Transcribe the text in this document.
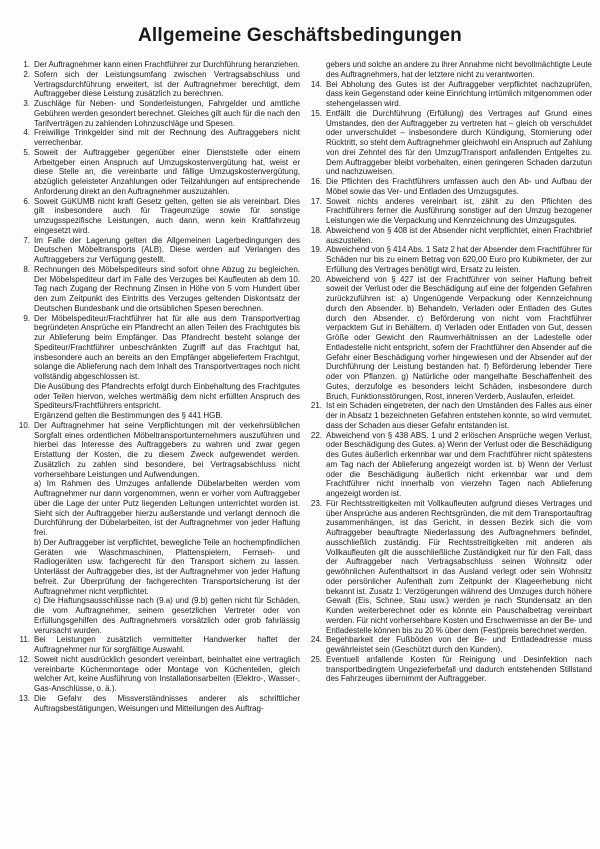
Allgemeine Geschäftsbedingungen
1. Der Auftragnehmer kann einen Frachtführer zur Durchführung heranziehen.

2. Sofern sich der Leistungsumfang zwischen Vertragsabschluss und Vertragsdurchführung erweitert, ist der Auftragnehmer berechtigt, dem Auftraggeber diese Leistung zusätzlich zu berechnen.

3. Zuschläge für Neben- und Sonderleistungen, Fahrgelder und amtliche Gebühren werden gesondert berechnet. Gleiches gilt auch für die nach den Tarifverträgen zu zahlenden Lohnzuschläge und Spesen.

4. Freiwillige Trinkgelder sind mit der Rechnung des Auftraggebers nicht verrechenbar.

5. Soweit der Auftraggeber gegenüber einer Dienststelle oder einem Arbeitgeber einen Anspruch auf Umzugskostenvergütung hat, weist er diese Stelle an, die vereinbarte und fällige Umzugskostenvergütung, abzüglich geleisteter Anzahlungen oder Teilzahlungen auf entsprechende Anforderung direkt an den Auftragnehmer auszuzahlen.

6. Soweit GüKUMB nicht kraft Gesetz gelten, gelten sie als vereinbart. Dies gilt insbesondere auch für Trageumzüge sowie für sonstige umzugsspezifische Leistungen, auch dann, wenn kein Kraftfahrzeug eingesetzt wird.

7. Im Falle der Lagerung gelten die Allgemeinen Lagerbedingungen des Deutschen Möbeltransports (ALB). Diese werden auf Verlangen des Auftraggebers zur Verfügung gestellt.

8. Rechnungen des Möbelspediteurs sind sofort ohne Abzug zu begleichen. Der Möbelspediteur darf im Falle des Verzuges bei Kaufleuten ab dem 10. Tag nach Zugang der Rechnung Zinsen in Höhe von 5 vom Hundert über den zum Zeitpunkt des Eintritts des Verzuges geltenden Diskontsatz der Deutschen Bundesbank und die ortsüblichen Spesen berechnen.

9. Der Möbelspediteur/Frachtführer hat für alle aus dem Transportvertrag begründeten Ansprüche ein Pfandrecht an allen Teilen des Frachtgutes bis zur Ablieferung beim Empfänger. Das Pfandrecht besteht solange der Spediteur/Frachtführer unbeschränkten Zugriff auf das Frachtgut hat, insbesondere auch an bereits an den Empfänger abgeliefertem Frachtgut, solange die Ablieferung nach dem Inhalt des Transportvertrages noch nicht vollständig abgeschlossen ist.

Die Ausübung des Pfandrechts erfolgt durch Einbehaltung des Frachtgutes oder Teilen hiervon, welches wertmäßig dem nicht erfüllten Anspruch des Spediteurs/Frachtführers entspricht.

Ergänzend gelten die Bestimmungen des § 441 HGB.

10. Der Auftragnehmer hat seine Verpflichtungen mit der verkehrsüblichen Sorgfalt eines ordentlichen Möbeltransportunternehmers auszuführen und hierbei das Interesse des Auftraggebers zu wahren und zwar gegen Erstattung der Kosten, die zu diesem Zweck aufgewendet werden. Zusätzlich zu zahlen sind besondere, bei Vertragsabschluss nicht vorhersehbare Leistungen und Aufwendungen.

a) Im Rahmen des Umzuges anfallende Dübelarbeiten werden vom Auftragnehmer nur dann vorgenommen, wenn er vorher vom Auftraggeber über die Lage der unter Putz liegenden Leitungen unterrichtet worden ist. Sieht sich der Auftraggeber hierzu außerstande und verlangt dennoch die Durchführung der Dübelarbeiten, ist der Auftragnehmer von jeder Haftung frei.

b) Der Auftraggeber ist verpflichtet, bewegliche Teile an hochempfindlichen Geräten wie Waschmaschinen, Plattenspielern, Fernseh- und Radiogeräten usw. fachgerecht für den Transport sichern zu lassen. Unterlässt der Auftraggeber dies, ist der Auftragnehmer von jeder Haftung befreit. Zur Überprüfung der fachgerechten Transportsicherung ist der Auftragnehmer nicht verpflichtet.

c) Die Haftungsausschlüsse nach (9.a) und (9.b) gelten nicht für Schäden, die vom Auftragnehmer, seinem gesetzlichen Vertreter oder von Erfüllungsgehilfen des Auftragnehmers vorsätzlich oder grob fahrlässig verursacht wurden.

11. Bei Leistungen zusätzlich vermittelter Handwerker haftet der Auftragnehmer nur für sorgfältige Auswahl.

12. Soweit nicht ausdrücklich gesondert vereinbart, beinhaltet eine vertraglich vereinbarte Küchenmontage oder Montage von Küchenteilen, gleich welcher Art, keine Ausführung von Installationsarbeiten (Elektro-, Wasser-, Gas-Anschlüsse, o. ä.).

13. Die Gefahr des Missverständnisses anderer als schriftlicher Auftragsbestätigungen, Weisungen und Mitteilungen des Auftrag-

gebers und solche an andere zu ihrer Annahme nicht bevollmächtigte Leute des Auftragnehmers, hat der letztere nicht zu verantworten.

14. Bei Abholung des Gutes ist der Auftraggeber verpflichtet nachzuprüfen, dass kein Gegenstand oder keine Einrichtung irrtümlich mitgenommen oder stehengelassen wird.

15. Entfällt die Durchführung (Erfüllung) des Vertrages auf Grund eines Umstandes, den der Auftraggeber zu vertreten hat – gleich ob verschuldet oder unverschuldet – insbesondere durch Kündigung, Stornierung oder Rücktritt, so steht dem Auftragnehmer gleichwohl ein Anspruch auf Zahlung von drei Zehntel des für den Umzug/Transport anfallenden Entgeltes zu. Dem Auftraggeber bleibt vorbehalten, einen geringeren Schaden darzutun und nachzuweisen.

16. Die Pflichten des Frachtführers umfassen auch den Ab- und Aufbau der Möbel sowie das Ver- und Entladen des Umzugsgutes.

17. Soweit nichts anderes vereinbart ist, zählt zu den Pflichten des Frachtführers ferner die Ausführung sonstiger auf den Umzug bezogener Leistungen wie die Verpackung und Kennzeichnung des Umzugsgutes.

18. Abweichend von § 408 ist der Absender nicht verpflichtet, einen Frachtbrief auszustellen.

19. Abweichend von § 414 Abs. 1 Satz 2 hat der Absender dem Frachtführer für Schäden nur bis zu einem Betrag von 620,00 Euro pro Kubikmeter, der zur Erfüllung des Vertrages benötigt wird, Ersatz zu leisten.

20. Abweichend von § 427 ist der Frachtführer von seiner Haftung befreit soweit der Verlust oder die Beschädigung auf eine der folgenden Gefahren zurückzuführen ist: a) Ungenügende Verpackung oder Kennzeichnung durch den Absender. b) Behandeln, Verladen oder Entladen des Gutes durch den Absender. c) Beförderung von nicht vom Frachtführer verpacktem Gut in Behältern. d) Verladen oder Entladen von Gut, dessen Größe oder Gewicht den Raumverhältnissen an der Ladestelle oder Entladestelle nicht entspricht, sofern der Frachtführer den Absender auf die Gefahr einer Beschädigung vorher hingewiesen und der Absender auf der Durchführung der Leistung bestanden hat. f) Beförderung lebender Tiere oder von Pflanzen. g) Natürliche oder mangelhafte Beschaffenheit des Gutes, derzufolge es besonders leicht Schäden, insbesondere durch Bruch, Funktionsstörungen, Rost, inneren Verderb, Auslaufen, erleidet.

21. Ist ein Schaden eingetreten, der nach den Umständen des Falles aus einer der in Absatz 1 bezeichneten Gefahren entstehen konnte, so wird vermutet, dass der Schaden aus dieser Gefahr entstanden ist.

22. Abweichend von § 438 ABS. 1 und 2 erlöschen Ansprüche wegen Verlust, oder Beschädigung des Gutes. a) Wenn der Verlust oder die Beschädigung des Gutes äußerlich erkennbar war und dem Frachtführer nicht spätestens am Tag nach der Ablieferung angezeigt worden ist. b) Wenn der Verlust oder die Beschädigung äußerlich nicht erkennbar war und dem Frachtführer nicht innerhalb von vierzehn Tagen nach Ablieferung angezeigt worden ist.

23. Für Rechtsstreitigkeiten mit Vollkaufleuten aufgrund dieses Vertrages und über Ansprüche aus anderen Rechtsgründen, die mit dem Transportauftrag zusammenhängen, ist das Gericht, in dessen Bezirk sich die vom Auftraggeber beauftragte Niederlassung des Auftragnehmers befindet, ausschließlich zuständig. Für Rechtsstreitigkeiten mit anderen als Vollkaufleuten gilt die ausschließliche Zuständigkeit nur für den Fall, dass der Auftraggeber nach Vertragsabschluss seinen Wohnsitz oder gewöhnlichen Aufenthaltsort in das Ausland verlegt oder sein Wohnsitz oder persönlicher Aufenthalt zum Zeitpunkt der Klageerhebung nicht bekannt ist. Zusatz 1: Verzögerungen während des Umzuges durch höhere Gewalt (Eis, Schnee, Stau usw.) werden je nach Stundensatz an den Kunden weiterberechnet oder es könnte ein Pauschalbetrag vereinbart werden. Für nicht vorhersehbare Kosten und Erschwernisse an der Be- und Entladestelle können bis zu 20 % über dem (Fest)preis berechnet werden.

24. Begehbarkeit der Fußböden von der Be- und Entladeadresse muss gewährleistet sein (Geschützt durch den Kunden).

25. Eventuell anfallende Kosten für Reinigung und Desinfektion nach transportbedingtem Ungezieferbefall und dadurch entstehenden Stillstand des Fahrzeuges übernimmt der Auftraggeber.
